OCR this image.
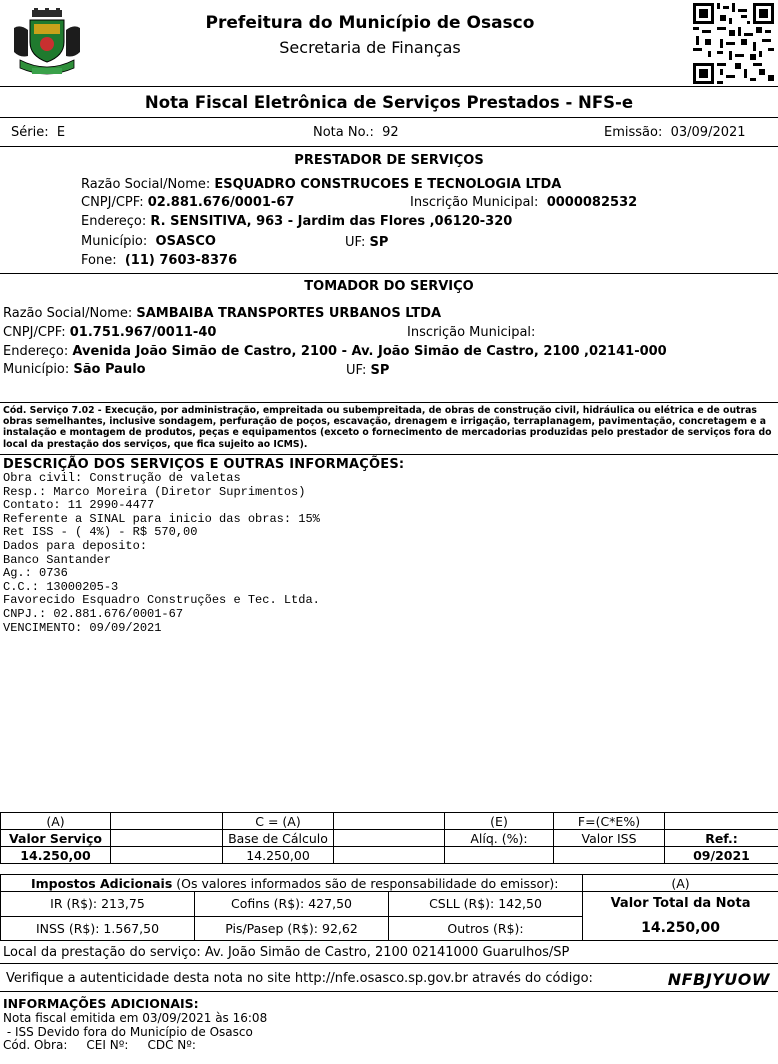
Prefeitura do Município de Osasco
Secretaria de Finanças
Nota Fiscal Eletrônica de Serviços Prestados - NFS-e
Série: E	Nota No.: 92	Emissão: 03/09/2021
PRESTADOR DE SERVIÇOS
Razão Social/Nome: ESQUADRO CONSTRUCOES E TECNOLOGIA LTDA
CNPJ/CPF: 02.881.676/0001-67	Inscrição Municipal: 0000082532
Endereço: R. SENSITIVA, 963 - Jardim das Flores ,06120-320
Município: OSASCO	UF: SP
Fone: (11) 7603-8376
TOMADOR DO SERVIÇO
Razão Social/Nome: SAMBAIBA TRANSPORTES URBANOS LTDA
CNPJ/CPF: 01.751.967/0011-40	Inscrição Municipal:
Endereço: Avenida João Simão de Castro, 2100 - Av. João Simão de Castro, 2100 ,02141-000
Município: São Paulo	UF: SP
Cód. Serviço 7.02 - Execução, por administração, empreitada ou subempreitada, de obras de construção civil, hidráulica ou elétrica e de outras obras semelhantes, inclusive sondagem, perfuração de poços, escavação, drenagem e irrigação, terraplanagem, pavimentação, concretagem e a instalação e montagem de produtos, peças e equipamentos (exceto o fornecimento de mercadorias produzidas pelo prestador de serviços fora do local da prestação dos serviços, que fica sujeito ao ICMS).
DESCRIÇÃO DOS SERVIÇOS E OUTRAS INFORMAÇÕES:
Obra civil: Construção de valetas
Resp.: Marco Moreira (Diretor Suprimentos)
Contato: 11 2990-4477
Referente a SINAL para inicio das obras: 15%
Ret ISS - ( 4%) - R$ 570,00
Dados para deposito:
Banco Santander
Ag.: 0736
C.C.: 13000205-3
Favorecido Esquadro Construções e Tec. Ltda.
CNPJ.: 02.881.676/0001-67
VENCIMENTO: 09/09/2021
(A)		C = (A)		(E)	F=(C*E%)	
Valor Serviço		Base de Cálculo		Alíq. (%):	Valor ISS	Ref.:
14.250,00		14.250,00				09/2021
Impostos Adicionais (Os valores informados são de responsabilidade do emissor):			(A)
IR (R$): 213,75	Cofins (R$): 427,50	CSLL (R$): 142,50	Valor Total da Nota
14.250,00

INSS (R$): 1.567,50	Pis/Pasep (R$): 92,62	Outros (R$):	
Local da prestação do serviço: Av. João Simão de Castro, 2100 02141000 Guarulhos/SP
Verifique a autenticidade desta nota no site http://nfe.osasco.sp.gov.br através do código:	NFBJYUOW
INFORMAÇÕES ADICIONAIS:
Nota fiscal emitida em 03/09/2021 às 16:08
- ISS Devido fora do Município de Osasco
Cód. Obra:     CEI Nº:     CDC Nº:
